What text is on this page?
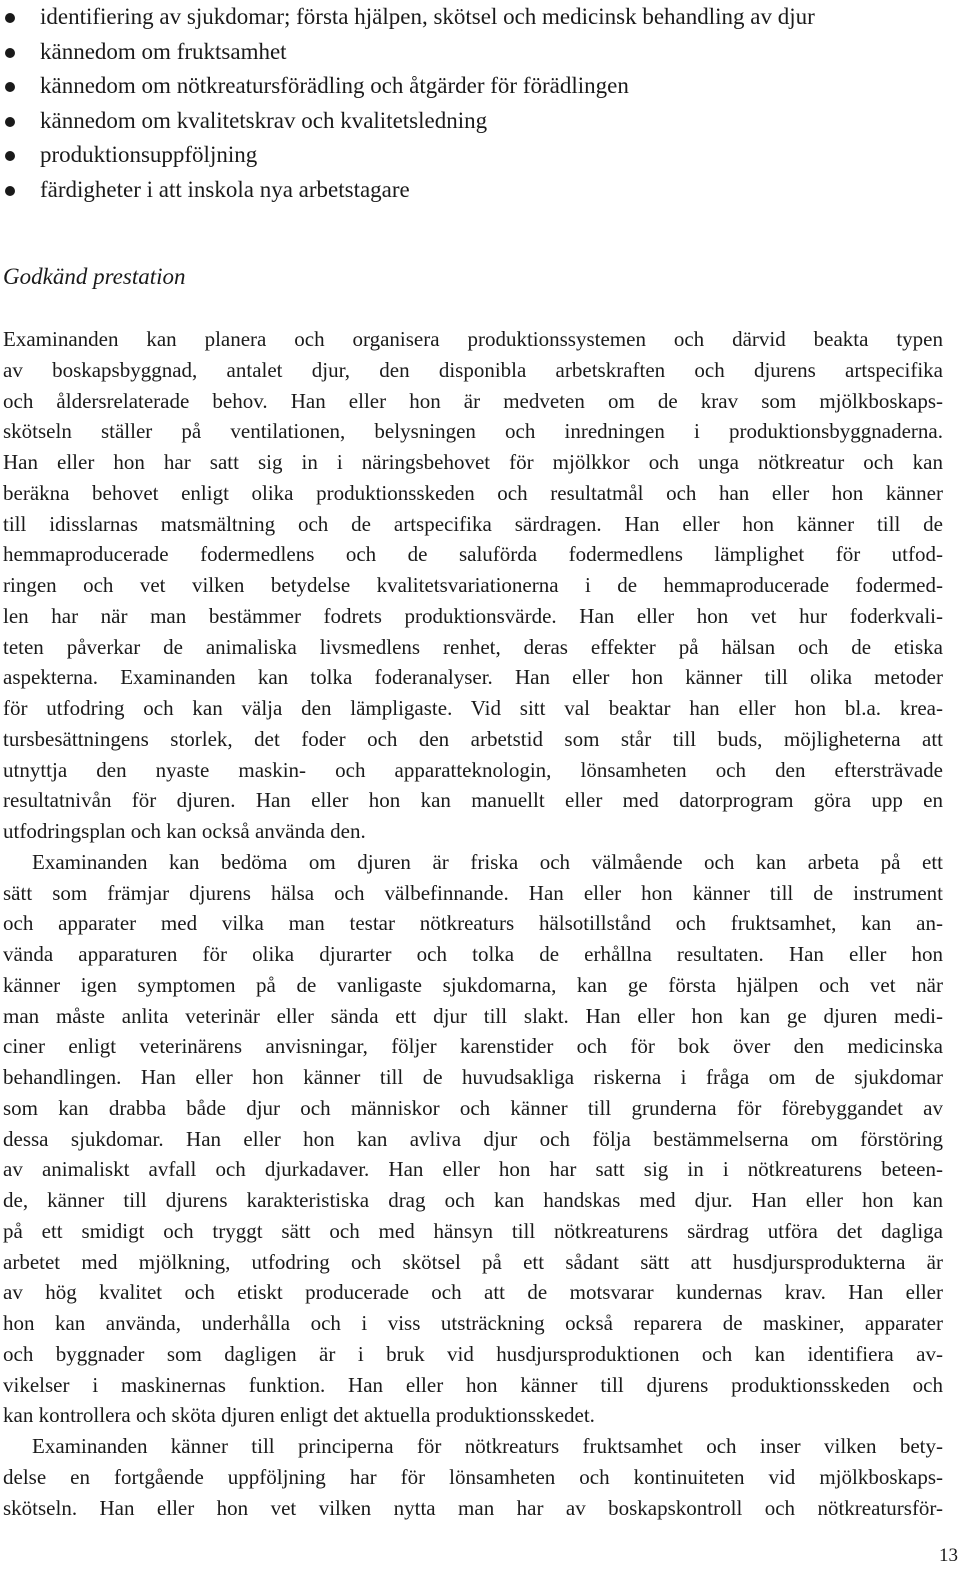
identifiering av sjukdomar; första hjälpen, skötsel och medicinsk behandling av djur
kännedom om fruktsamhet
kännedom om nötkreatursförädling och åtgärder för förädlingen
kännedom om kvalitetskrav och kvalitetsledning
produktionsuppföljning
färdigheter i att inskola nya arbetstagare
Godkänd prestation
Examinanden kan planera och organisera produktionssystemen och därvid beakta typen
av boskapsbyggnad, antalet djur, den disponibla arbetskraften och djurens artspecifika
och åldersrelaterade behov. Han eller hon är medveten om de krav som mjölkboskaps-
skötseln ställer på ventilationen, belysningen och inredningen i produktionsbyggnaderna.
Han eller hon har satt sig in i näringsbehovet för mjölkkor och unga nötkreatur och kan
beräkna behovet enligt olika produktionsskeden och resultatmål och han eller hon känner
till idisslarnas matsmältning och de artspecifika särdragen. Han eller hon känner till de
hemmaproducerade fodermedlens och de saluförda fodermedlens lämplighet för utfod-
ringen och vet vilken betydelse kvalitetsvariationerna i de hemmaproducerade fodermed-
len har när man bestämmer fodrets produktionsvärde. Han eller hon vet hur foderkvali-
teten påverkar de animaliska livsmedlens renhet, deras effekter på hälsan och de etiska
aspekterna. Examinanden kan tolka foderanalyser. Han eller hon känner till olika metoder
för utfodring och kan välja den lämpligaste. Vid sitt val beaktar han eller hon bl.a. krea-
tursbesättningens storlek, det foder och den arbetstid som står till buds, möjligheterna att
utnyttja den nyaste maskin- och apparatteknologin, lönsamheten och den eftersträvade
resultatnivån för djuren. Han eller hon kan manuellt eller med datorprogram göra upp en
utfodringsplan och kan också använda den.
Examinanden kan bedöma om djuren är friska och välmående och kan arbeta på ett
sätt som främjar djurens hälsa och välbefinnande. Han eller hon känner till de instrument
och apparater med vilka man testar nötkreaturs hälsotillstånd och fruktsamhet, kan an-
vända apparaturen för olika djurarter och tolka de erhållna resultaten. Han eller hon
känner igen symptomen på de vanligaste sjukdomarna, kan ge första hjälpen och vet när
man måste anlita veterinär eller sända ett djur till slakt. Han eller hon kan ge djuren medi-
ciner enligt veterinärens anvisningar, följer karenstider och för bok över den medicinska
behandlingen. Han eller hon känner till de huvudsakliga riskerna i fråga om de sjukdomar
som kan drabba både djur och människor och känner till grunderna för förebyggandet av
dessa sjukdomar. Han eller hon kan avliva djur och följa bestämmelserna om förstöring
av animaliskt avfall och djurkadaver. Han eller hon har satt sig in i nötkreaturens beteen-
de, känner till djurens karakteristiska drag och kan handskas med djur. Han eller hon kan
på ett smidigt och tryggt sätt och med hänsyn till nötkreaturens särdrag utföra det dagliga
arbetet med mjölkning, utfodring och skötsel på ett sådant sätt att husdjursprodukterna är
av hög kvalitet och etiskt producerade och att de motsvarar kundernas krav. Han eller
hon kan använda, underhålla och i viss utsträckning också reparera de maskiner, apparater
och byggnader som dagligen är i bruk vid husdjursproduktionen och kan identifiera av-
vikelser i maskinernas funktion. Han eller hon känner till djurens produktionsskeden och
kan kontrollera och sköta djuren enligt det aktuella produktionsskedet.
Examinanden känner till principerna för nötkreaturs fruktsamhet och inser vilken bety-
delse en fortgående uppföljning har för lönsamheten och kontinuiteten vid mjölkboskaps-
skötseln. Han eller hon vet vilken nytta man har av boskapskontroll och nötkreatursför-
13
